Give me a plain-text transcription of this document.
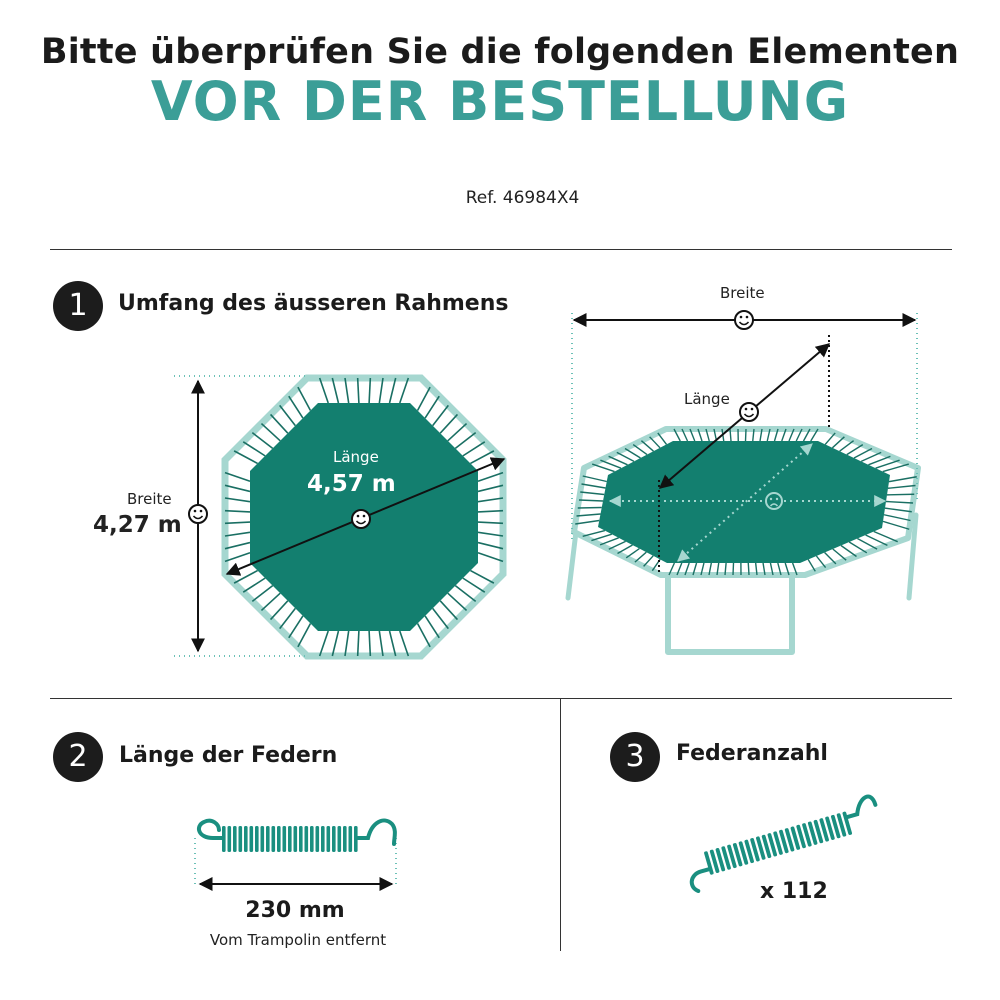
Bitte überprüfen Sie die folgenden Elementen
VOR DER BESTELLUNG
Ref. 46984X4
1	Umfang des äusseren Rahmens
Breite
4,27 m
Länge
4,57 m
Breite
Länge
2	Länge der Federn
230 mm
Vom Trampolin entfernt
3	Federanzahl
x 112
